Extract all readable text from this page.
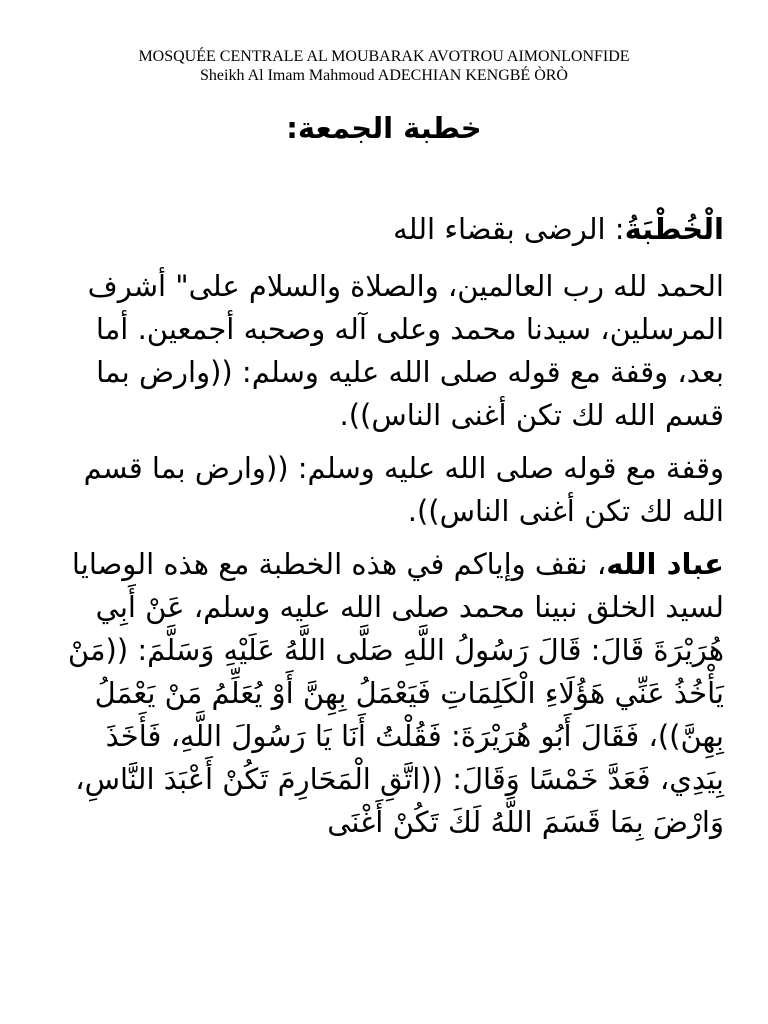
MOSQUÉE CENTRALE AL MOUBARAK AVOTROU AIMONLONFIDE
Sheikh Al Imam Mahmoud ADECHIAN KENGBÉ ÒRÒ
خطبة الجمعة:

الْخُطْبَةُ: الرضى بقضاء الله

الحمد لله رب العالمين، والصلاة والسلام على" أشرف المرسلين، سيدنا محمد وعلى آله وصحبه أجمعين. أما بعد، وقفة مع قوله صلى الله عليه وسلم: ((وارض بما قسم الله لك تكن أغنى الناس)).

وقفة مع قوله صلى الله عليه وسلم: ((وارض بما قسم الله لك تكن أغنى الناس)).

عباد الله، نقف وإياكم في هذه الخطبة مع هذه الوصايا لسيد الخلق نبينا محمد صلى الله عليه وسلم، عَنْ أَبِي هُرَيْرَةَ قَالَ: قَالَ رَسُولُ اللَّهِ صَلَّى اللَّهُ عَلَيْهِ وَسَلَّمَ: ((مَنْ يَأْخُذُ عَنِّي هَؤُلَاءِ الْكَلِمَاتِ فَيَعْمَلُ بِهِنَّ أَوْ يُعَلِّمُ مَنْ يَعْمَلُ بِهِنَّ))، فَقَالَ أَبُو هُرَيْرَةَ: فَقُلْتُ أَنَا يَا رَسُولَ اللَّهِ، فَأَخَذَ بِيَدِي، فَعَدَّ خَمْسًا وَقَالَ: ((اتَّقِ الْمَحَارِمَ تَكُنْ أَعْبَدَ النَّاسِ، وَارْضَ بِمَا قَسَمَ اللَّهُ لَكَ تَكُنْ أَغْنَى
